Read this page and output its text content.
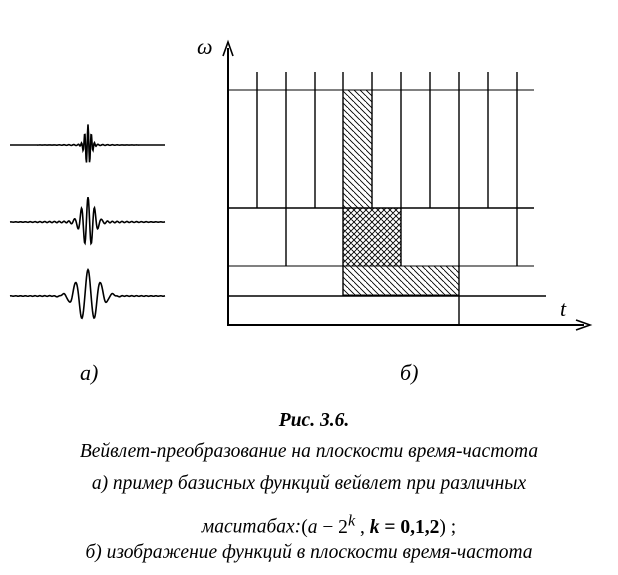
ω
t
а)	б)
Рис. 3.6.
Вейвлет-преобразование на плоскости время-частота
а) пример базисных функций вейвлет при различных
маситабах:(a − $2^k$ , k = 0,1,2) ;
б) изображение функций в плоскости время-частота
